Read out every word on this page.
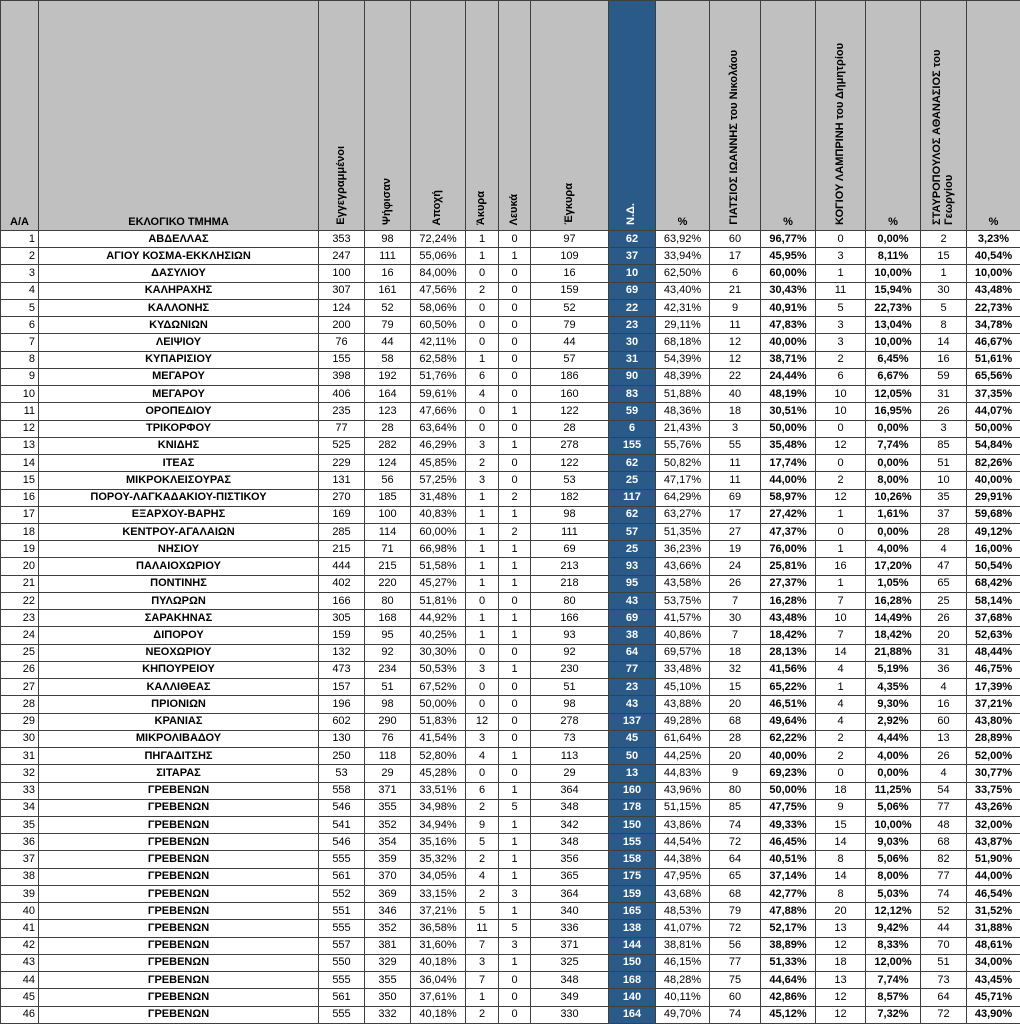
Α/Α	ΕΚΛΟΓΙΚΟ ΤΜΗΜΑ	Εγγεγραμμένοι	Ψήφισαν	Αποχή	Άκυρα	Λευκά	Έγκυρα	Ν.Δ.	%	ΓΙΑΤΣΙΟΣ ΙΩΑΝΝΗΣ του Νικολάου	%	ΚΟΓΙΟΥ ΛΑΜΠΡΙΝΗ του Δημητρίου	%	ΣΤΑΥΡΟΠΟΥΛΟΣ ΑΘΑΝΑΣΙΟΣ του Γεωργίου	%
1	ΑΒΔΕΛΛΑΣ	353	98	72,24%	1	0	97	62	63,92%	60	96,77%	0	0,00%	2	3,23%
2	ΑΓΙΟΥ ΚΟΣΜΑ-ΕΚΚΛΗΣΙΩΝ	247	111	55,06%	1	1	109	37	33,94%	17	45,95%	3	8,11%	15	40,54%
3	ΔΑΣΥΛΙΟΥ	100	16	84,00%	0	0	16	10	62,50%	6	60,00%	1	10,00%	1	10,00%
4	ΚΑΛΗΡΑΧΗΣ	307	161	47,56%	2	0	159	69	43,40%	21	30,43%	11	15,94%	30	43,48%
5	ΚΑΛΛΟΝΗΣ	124	52	58,06%	0	0	52	22	42,31%	9	40,91%	5	22,73%	5	22,73%
6	ΚΥΔΩΝΙΩΝ	200	79	60,50%	0	0	79	23	29,11%	11	47,83%	3	13,04%	8	34,78%
7	ΛΕΙΨΙΟΥ	76	44	42,11%	0	0	44	30	68,18%	12	40,00%	3	10,00%	14	46,67%
8	ΚΥΠΑΡΙΣΙΟΥ	155	58	62,58%	1	0	57	31	54,39%	12	38,71%	2	6,45%	16	51,61%
9	ΜΕΓΑΡΟΥ	398	192	51,76%	6	0	186	90	48,39%	22	24,44%	6	6,67%	59	65,56%
10	ΜΕΓΑΡΟΥ	406	164	59,61%	4	0	160	83	51,88%	40	48,19%	10	12,05%	31	37,35%
11	ΟΡΟΠΕΔΙΟΥ	235	123	47,66%	0	1	122	59	48,36%	18	30,51%	10	16,95%	26	44,07%
12	ΤΡΙΚΟΡΦΟΥ	77	28	63,64%	0	0	28	6	21,43%	3	50,00%	0	0,00%	3	50,00%
13	ΚΝΙΔΗΣ	525	282	46,29%	3	1	278	155	55,76%	55	35,48%	12	7,74%	85	54,84%
14	ΙΤΕΑΣ	229	124	45,85%	2	0	122	62	50,82%	11	17,74%	0	0,00%	51	82,26%
15	ΜΙΚΡΟΚΛΕΙΣΟΥΡΑΣ	131	56	57,25%	3	0	53	25	47,17%	11	44,00%	2	8,00%	10	40,00%
16	ΠΟΡΟΥ-ΛΑΓΚΑΔΑΚΙΟΥ-ΠΙΣΤΙΚΟΥ	270	185	31,48%	1	2	182	117	64,29%	69	58,97%	12	10,26%	35	29,91%
17	ΕΞΑΡΧΟΥ-ΒΑΡΗΣ	169	100	40,83%	1	1	98	62	63,27%	17	27,42%	1	1,61%	37	59,68%
18	ΚΕΝΤΡΟΥ-ΑΓΑΛΑΙΩΝ	285	114	60,00%	1	2	111	57	51,35%	27	47,37%	0	0,00%	28	49,12%
19	ΝΗΣΙΟΥ	215	71	66,98%	1	1	69	25	36,23%	19	76,00%	1	4,00%	4	16,00%
20	ΠΑΛΑΙΟΧΩΡΙΟΥ	444	215	51,58%	1	1	213	93	43,66%	24	25,81%	16	17,20%	47	50,54%
21	ΠΟΝΤΙΝΗΣ	402	220	45,27%	1	1	218	95	43,58%	26	27,37%	1	1,05%	65	68,42%
22	ΠΥΛΩΡΩΝ	166	80	51,81%	0	0	80	43	53,75%	7	16,28%	7	16,28%	25	58,14%
23	ΣΑΡΑΚΗΝΑΣ	305	168	44,92%	1	1	166	69	41,57%	30	43,48%	10	14,49%	26	37,68%
24	ΔΙΠΟΡΟΥ	159	95	40,25%	1	1	93	38	40,86%	7	18,42%	7	18,42%	20	52,63%
25	ΝΕΟΧΩΡΙΟΥ	132	92	30,30%	0	0	92	64	69,57%	18	28,13%	14	21,88%	31	48,44%
26	ΚΗΠΟΥΡΕΙΟΥ	473	234	50,53%	3	1	230	77	33,48%	32	41,56%	4	5,19%	36	46,75%
27	ΚΑΛΛΙΘΕΑΣ	157	51	67,52%	0	0	51	23	45,10%	15	65,22%	1	4,35%	4	17,39%
28	ΠΡΙΟΝΙΩΝ	196	98	50,00%	0	0	98	43	43,88%	20	46,51%	4	9,30%	16	37,21%
29	ΚΡΑΝΙΑΣ	602	290	51,83%	12	0	278	137	49,28%	68	49,64%	4	2,92%	60	43,80%
30	ΜΙΚΡΟΛΙΒΑΔΟΥ	130	76	41,54%	3	0	73	45	61,64%	28	62,22%	2	4,44%	13	28,89%
31	ΠΗΓΑΔΙΤΣΗΣ	250	118	52,80%	4	1	113	50	44,25%	20	40,00%	2	4,00%	26	52,00%
32	ΣΙΤΑΡΑΣ	53	29	45,28%	0	0	29	13	44,83%	9	69,23%	0	0,00%	4	30,77%
33	ΓΡΕΒΕΝΩΝ	558	371	33,51%	6	1	364	160	43,96%	80	50,00%	18	11,25%	54	33,75%
34	ΓΡΕΒΕΝΩΝ	546	355	34,98%	2	5	348	178	51,15%	85	47,75%	9	5,06%	77	43,26%
35	ΓΡΕΒΕΝΩΝ	541	352	34,94%	9	1	342	150	43,86%	74	49,33%	15	10,00%	48	32,00%
36	ΓΡΕΒΕΝΩΝ	546	354	35,16%	5	1	348	155	44,54%	72	46,45%	14	9,03%	68	43,87%
37	ΓΡΕΒΕΝΩΝ	555	359	35,32%	2	1	356	158	44,38%	64	40,51%	8	5,06%	82	51,90%
38	ΓΡΕΒΕΝΩΝ	561	370	34,05%	4	1	365	175	47,95%	65	37,14%	14	8,00%	77	44,00%
39	ΓΡΕΒΕΝΩΝ	552	369	33,15%	2	3	364	159	43,68%	68	42,77%	8	5,03%	74	46,54%
40	ΓΡΕΒΕΝΩΝ	551	346	37,21%	5	1	340	165	48,53%	79	47,88%	20	12,12%	52	31,52%
41	ΓΡΕΒΕΝΩΝ	555	352	36,58%	11	5	336	138	41,07%	72	52,17%	13	9,42%	44	31,88%
42	ΓΡΕΒΕΝΩΝ	557	381	31,60%	7	3	371	144	38,81%	56	38,89%	12	8,33%	70	48,61%
43	ΓΡΕΒΕΝΩΝ	550	329	40,18%	3	1	325	150	46,15%	77	51,33%	18	12,00%	51	34,00%
44	ΓΡΕΒΕΝΩΝ	555	355	36,04%	7	0	348	168	48,28%	75	44,64%	13	7,74%	73	43,45%
45	ΓΡΕΒΕΝΩΝ	561	350	37,61%	1	0	349	140	40,11%	60	42,86%	12	8,57%	64	45,71%
46	ΓΡΕΒΕΝΩΝ	555	332	40,18%	2	0	330	164	49,70%	74	45,12%	12	7,32%	72	43,90%
